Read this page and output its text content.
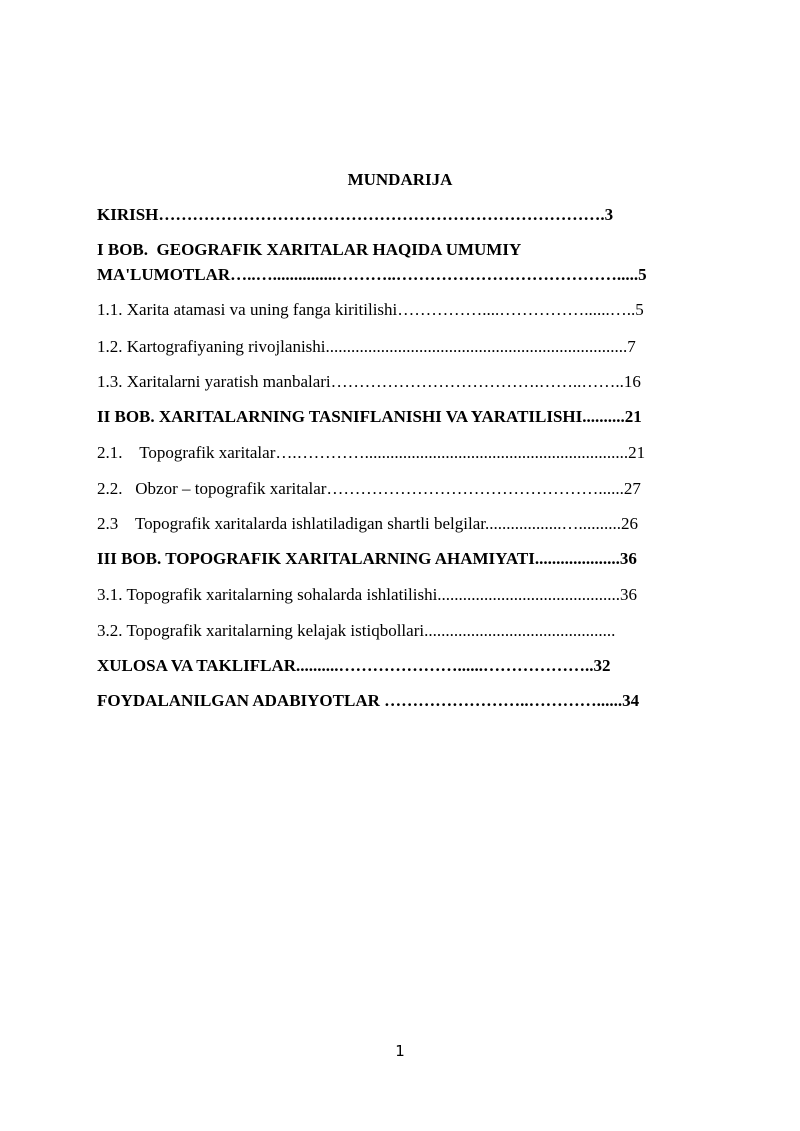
MUNDARIJA
KIRISH…………………………………………………………………….3
I BOB.  GEOGRAFIK XARITALAR HAQIDA UMUMIY
MA'LUMOTLAR…..…...............………..………………………………….....5
1.1. Xarita atamasi va uning fanga kiritilishi……………....……………......…..5
1.2. Kartografiyaning rivojlanishi.......................................................................7
1.3. Xaritalarni yaratish manbalari……………………………….……..……..16
II BOB. XARITALARNING TASNIFLANISHI VA YARATILISHI..........21
2.1.    Topografik xaritalar….…………..............................................................21
2.2.   Obzor – topografik xaritalar…………………………………………......27
2.3    Topografik xaritalarda ishlatiladigan shartli belgilar..................…..........26
III BOB. TOPOGRAFIK XARITALARNING AHAMIYATI....................36
3.1. Topografik xaritalarning sohalarda ishlatilishi...........................................36
3.2. Topografik xaritalarning kelajak istiqbollari.............................................
XULOSA VA TAKLIFLAR..........…………………......………………..32
FOYDALANILGAN ADABIYOTLAR ……………………..…………......34
1
